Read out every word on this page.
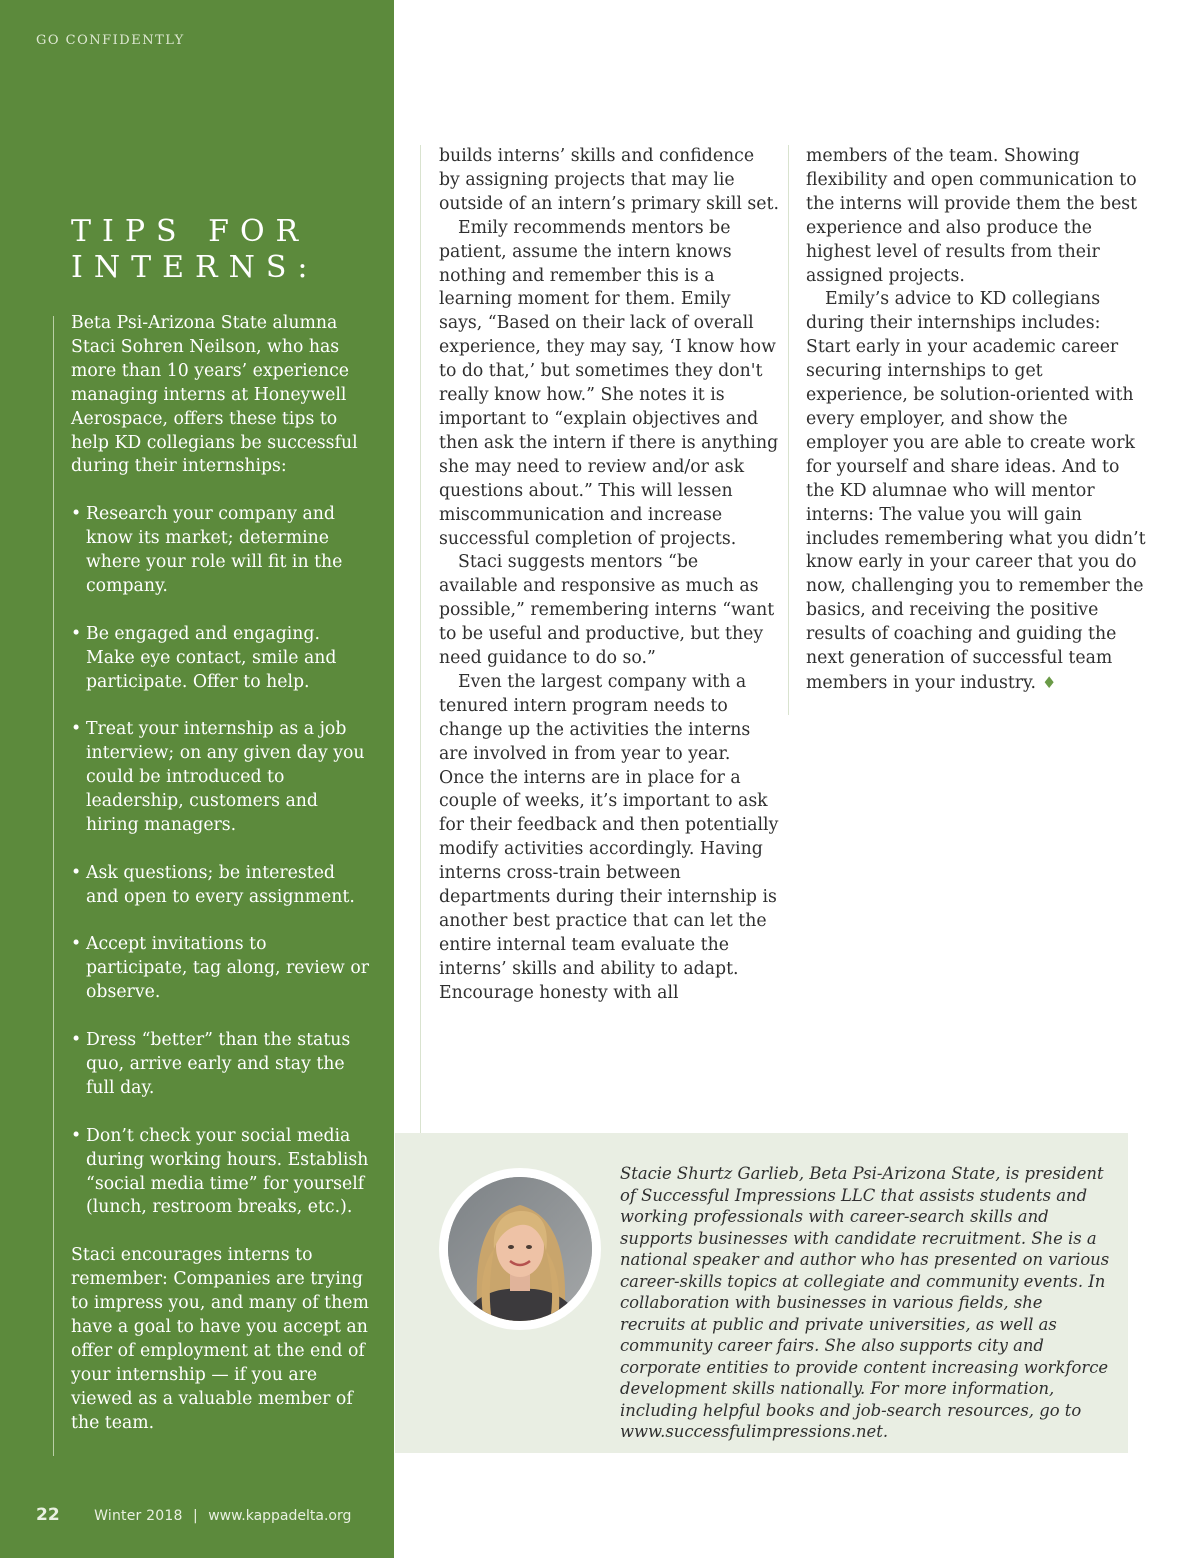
GO CONFIDENTLY
TIPS FOR
INTERNS:

Beta Psi-Arizona State alumna Staci Sohren Neilson, who has more than 10 years’ experience managing interns at Honeywell Aerospace, offers these tips to help KD collegians be successful during their internships:

• Research your company and know its market; determine where your role will fit in the company.
• Be engaged and engaging. Make eye contact, smile and participate. Offer to help.
• Treat your internship as a job interview; on any given day you could be introduced to leadership, customers and hiring managers.
• Ask questions; be interested and open to every assignment.
• Accept invitations to participate, tag along, review or observe.
• Dress “better” than the status quo, arrive early and stay the full day.
• Don’t check your social media during working hours. Establish “social media time” for yourself (lunch, restroom breaks, etc.).

Staci encourages interns to remember: Companies are trying to impress you, and many of them have a goal to have you accept an offer of employment at the end of your internship — if you are viewed as a valuable member of the team.

22 Winter 2018 | www.kappadelta.org

builds interns’ skills and confidence by assigning projects that may lie outside of an intern’s primary skill set.

Emily recommends mentors be patient, assume the intern knows nothing and remember this is a learning moment for them. Emily says, “Based on their lack of overall experience, they may say, ‘I know how to do that,’ but sometimes they don't really know how.” She notes it is important to “explain objectives and then ask the intern if there is anything she may need to review and/or ask questions about.” This will lessen miscommunication and increase successful completion of projects.

Staci suggests mentors “be available and responsive as much as possible,” remembering interns “want to be useful and productive, but they need guidance to do so.”

Even the largest company with a tenured intern program needs to change up the activities the interns are involved in from year to year. Once the interns are in place for a couple of weeks, it’s important to ask for their feedback and then potentially modify activities accordingly. Having interns cross-train between departments during their internship is another best practice that can let the entire internal team evaluate the interns’ skills and ability to adapt. Encourage honesty with all

members of the team. Showing flexibility and open communication to the interns will provide them the best experience and also produce the highest level of results from their assigned projects.

Emily’s advice to KD collegians during their internships includes: Start early in your academic career securing internships to get experience, be solution-oriented with every employer, and show the employer you are able to create work for yourself and share ideas. And to the KD alumnae who will mentor interns: The value you will gain includes remembering what you didn’t know early in your career that you do now, challenging you to remember the basics, and receiving the positive results of coaching and guiding the next generation of successful team members in your industry. ♦

Stacie Shurtz Garlieb, Beta Psi-Arizona State, is president of Successful Impressions LLC that assists students and working professionals with career-search skills and supports businesses with candidate recruitment. She is a national speaker and author who has presented on various career-skills topics at collegiate and community events. In collaboration with businesses in various fields, she recruits at public and private universities, as well as community career fairs. She also supports city and corporate entities to provide content increasing workforce development skills nationally. For more information, including helpful books and job-search resources, go to www.successfulimpressions.net.
